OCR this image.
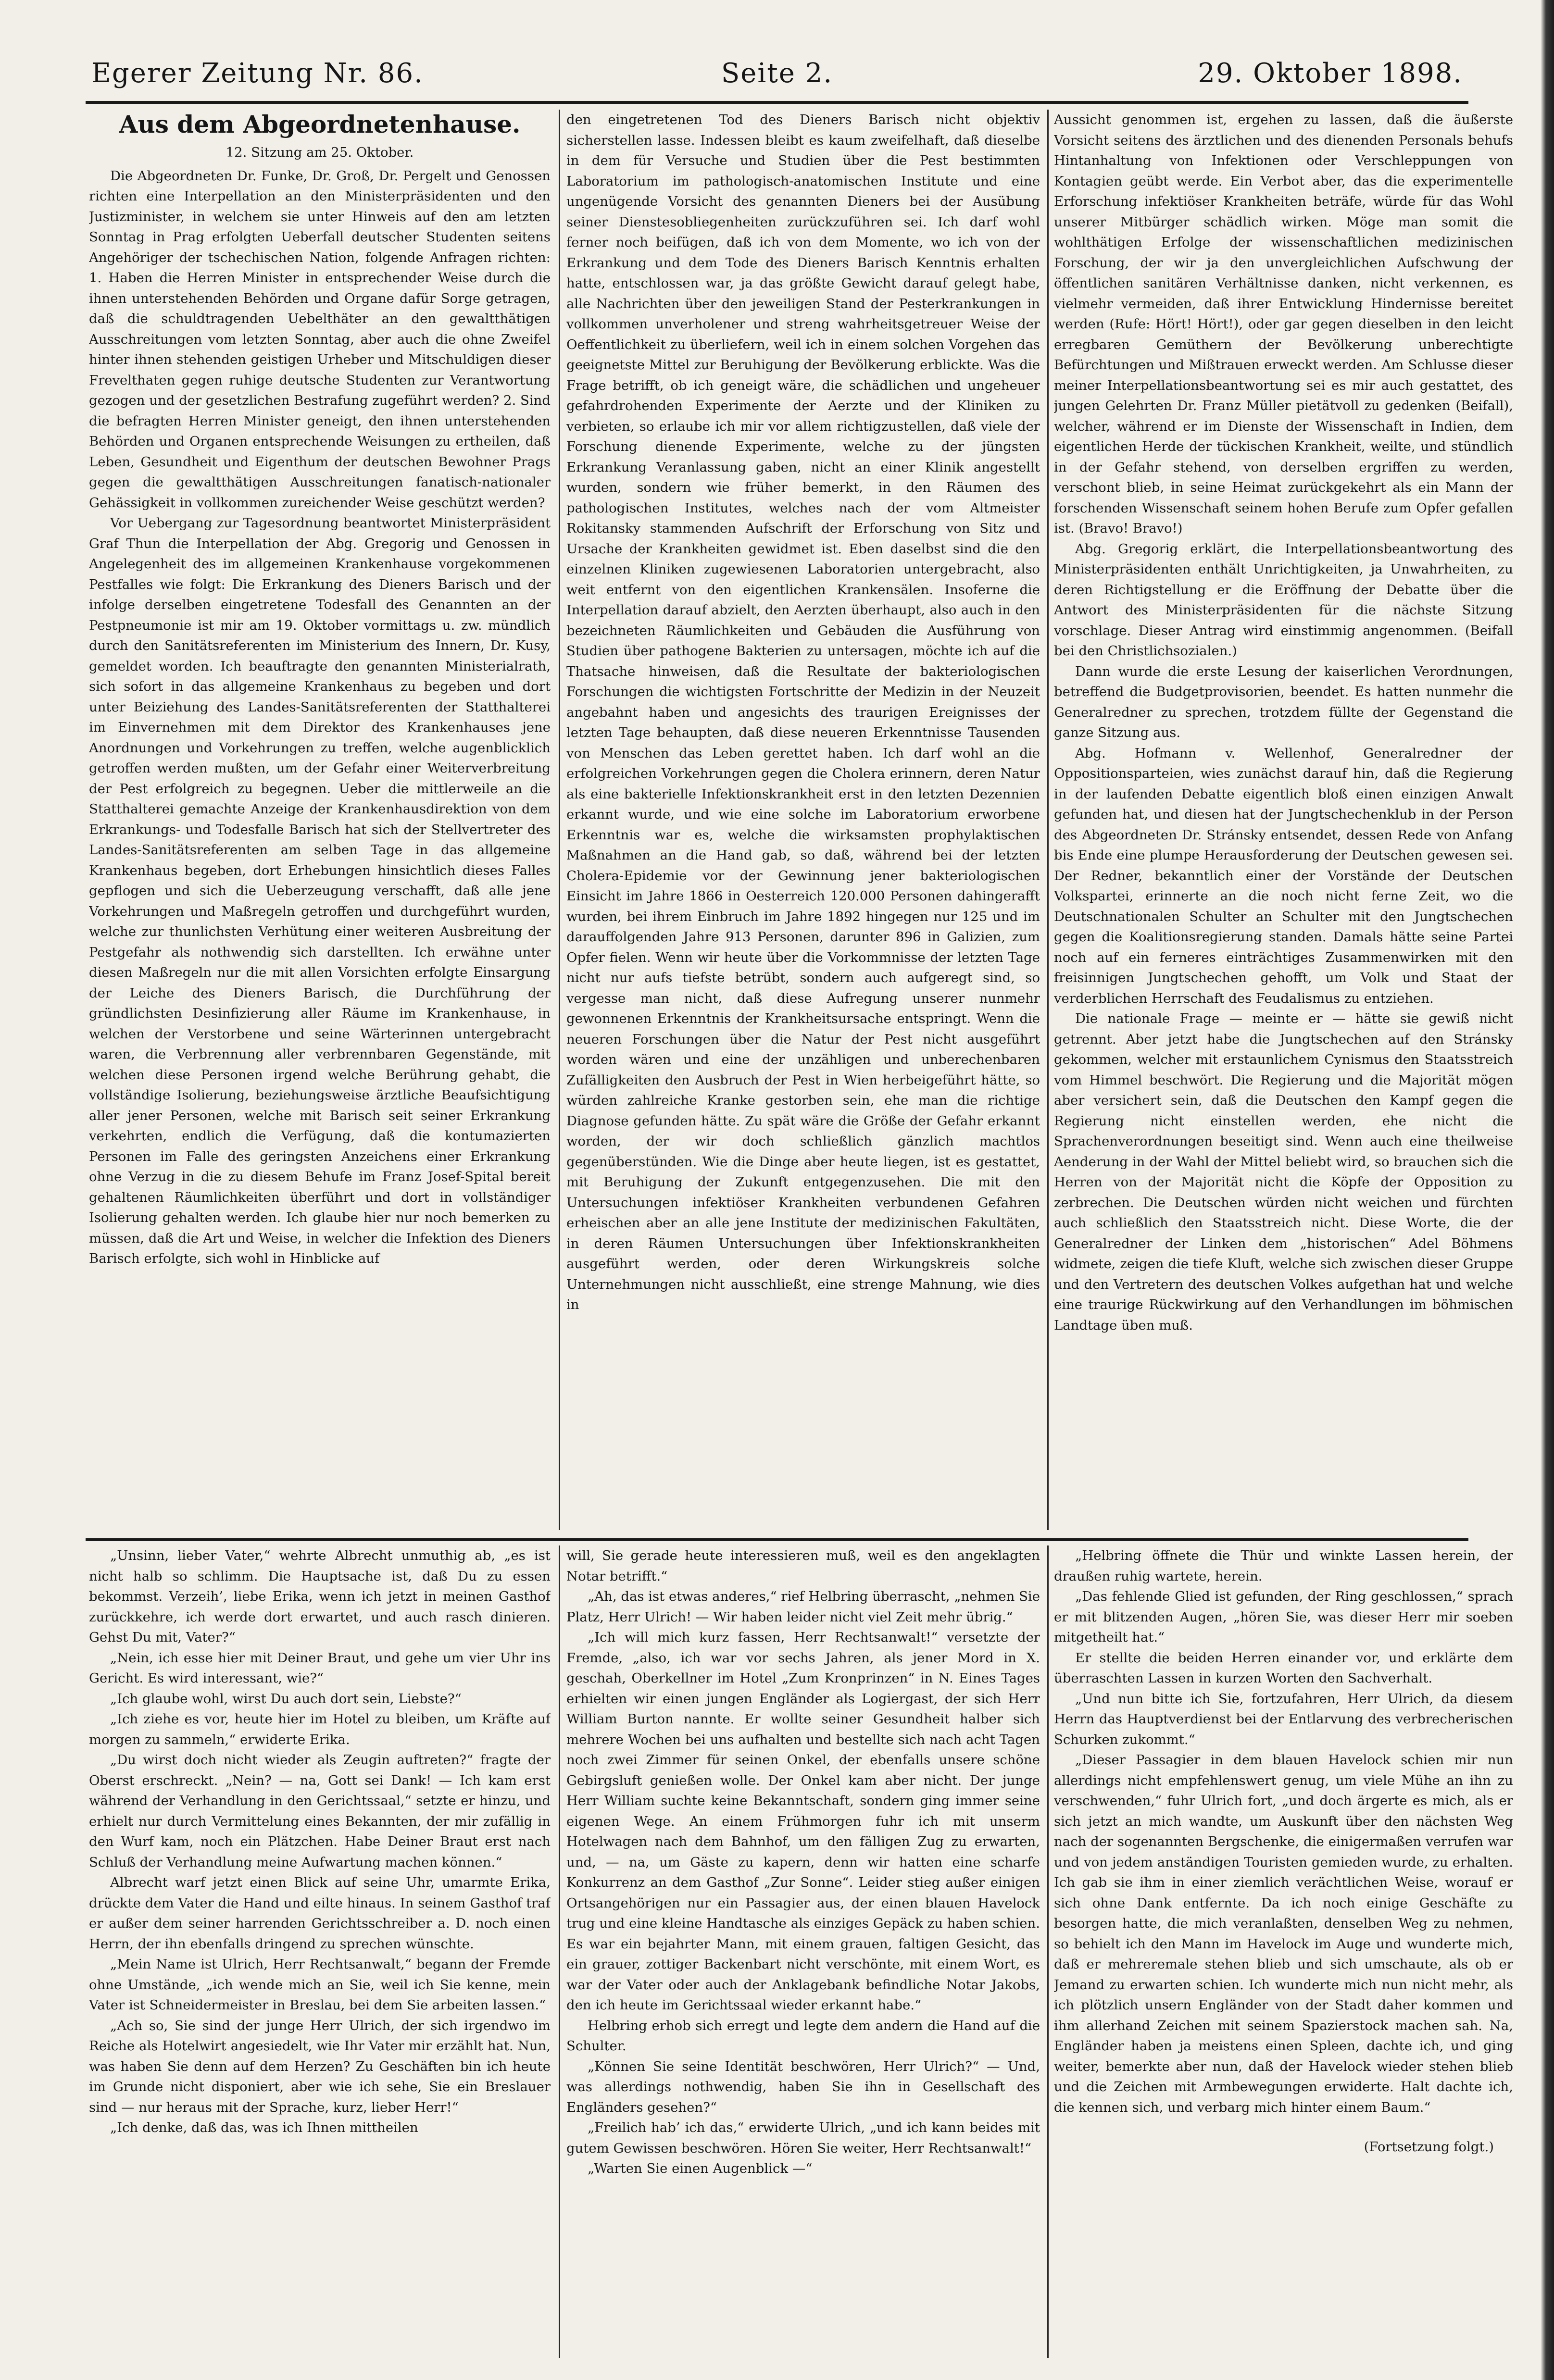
Egerer Zeitung Nr. 86.	Seite 2.	29. Oktober 1898.
Aus dem Abgeordnetenhause.

12. Sitzung am 25. Oktober.

Die Abgeordneten Dr. Funke, Dr. Groß, Dr. Pergelt und Genossen richten eine Interpellation an den Ministerpräsidenten und den Justizminister, in welchem sie unter Hinweis auf den am letzten Sonntag in Prag erfolgten Ueberfall deutscher Studenten seitens Angehöriger der tschechischen Nation, folgende Anfragen richten: 1. Haben die Herren Minister in entsprechender Weise durch die ihnen unterstehenden Behörden und Organe dafür Sorge getragen, daß die schuldtragenden Uebelthäter an den gewaltthätigen Ausschreitungen vom letzten Sonntag, aber auch die ohne Zweifel hinter ihnen stehenden geistigen Urheber und Mitschuldigen dieser Frevelthaten gegen ruhige deutsche Studenten zur Verantwortung gezogen und der gesetzlichen Bestrafung zugeführt werden? 2. Sind die befragten Herren Minister geneigt, den ihnen unterstehenden Behörden und Organen entsprechende Weisungen zu ertheilen, daß Leben, Gesundheit und Eigenthum der deutschen Bewohner Prags gegen die gewaltthätigen Ausschreitungen fanatisch-nationaler Gehässigkeit in vollkommen zureichender Weise geschützt werden?

Vor Uebergang zur Tagesordnung beantwortet Ministerpräsident Graf Thun die Interpellation der Abg. Gregorig und Genossen in Angelegenheit des im allgemeinen Krankenhause vorgekommenen Pestfalles wie folgt: Die Erkrankung des Dieners Barisch und der infolge derselben eingetretene Todesfall des Genannten an der Pestpneumonie ist mir am 19. Oktober vormittags u. zw. mündlich durch den Sanitätsreferenten im Ministerium des Innern, Dr. Kusy, gemeldet worden. Ich beauftragte den genannten Ministerialrath, sich sofort in das allgemeine Krankenhaus zu begeben und dort unter Beiziehung des Landes-Sanitätsreferenten der Statthalterei im Einvernehmen mit dem Direktor des Krankenhauses jene Anordnungen und Vorkehrungen zu treffen, welche augenblicklich getroffen werden mußten, um der Gefahr einer Weiterverbreitung der Pest erfolgreich zu begegnen. Ueber die mittlerweile an die Statthalterei gemachte Anzeige der Krankenhausdirektion von dem Erkrankungs- und Todesfalle Barisch hat sich der Stellvertreter des Landes-Sanitätsreferenten am selben Tage in das allgemeine Krankenhaus begeben, dort Erhebungen hinsichtlich dieses Falles gepflogen und sich die Ueberzeugung verschafft, daß alle jene Vorkehrungen und Maßregeln getroffen und durchgeführt wurden, welche zur thunlichsten Verhütung einer weiteren Ausbreitung der Pestgefahr als nothwendig sich darstellten. Ich erwähne unter diesen Maßregeln nur die mit allen Vorsichten erfolgte Einsargung der Leiche des Dieners Barisch, die Durchführung der gründlichsten Desinfizierung aller Räume im Krankenhause, in welchen der Verstorbene und seine Wärterinnen untergebracht waren, die Verbrennung aller verbrennbaren Gegenstände, mit welchen diese Personen irgend welche Berührung gehabt, die vollständige Isolierung, beziehungsweise ärztliche Beaufsichtigung aller jener Personen, welche mit Barisch seit seiner Erkrankung verkehrten, endlich die Verfügung, daß die kontumazierten Personen im Falle des geringsten Anzeichens einer Erkrankung ohne Verzug in die zu diesem Behufe im Franz Josef-Spital bereit gehaltenen Räumlichkeiten überführt und dort in vollständiger Isolierung gehalten werden. Ich glaube hier nur noch bemerken zu müssen, daß die Art und Weise, in welcher die Infektion des Dieners Barisch erfolgte, sich wohl in Hinblicke auf

den eingetretenen Tod des Dieners Barisch nicht objektiv sicherstellen lasse. Indessen bleibt es kaum zweifelhaft, daß dieselbe in dem für Versuche und Studien über die Pest bestimmten Laboratorium im pathologisch-anatomischen Institute und eine ungenügende Vorsicht des genannten Dieners bei der Ausübung seiner Dienstesobliegenheiten zurückzuführen sei. Ich darf wohl ferner noch beifügen, daß ich von dem Momente, wo ich von der Erkrankung und dem Tode des Dieners Barisch Kenntnis erhalten hatte, entschlossen war, ja das größte Gewicht darauf gelegt habe, alle Nachrichten über den jeweiligen Stand der Pesterkrankungen in vollkommen unverholener und streng wahrheitsgetreuer Weise der Oeffentlichkeit zu überliefern, weil ich in einem solchen Vorgehen das geeignetste Mittel zur Beruhigung der Bevölkerung erblickte. Was die Frage betrifft, ob ich geneigt wäre, die schädlichen und ungeheuer gefahrdrohenden Experimente der Aerzte und der Kliniken zu verbieten, so erlaube ich mir vor allem richtigzustellen, daß viele der Forschung dienende Experimente, welche zu der jüngsten Erkrankung Veranlassung gaben, nicht an einer Klinik angestellt wurden, sondern wie früher bemerkt, in den Räumen des pathologischen Institutes, welches nach der vom Altmeister Rokitansky stammenden Aufschrift der Erforschung von Sitz und Ursache der Krankheiten gewidmet ist. Eben daselbst sind die den einzelnen Kliniken zugewiesenen Laboratorien untergebracht, also weit entfernt von den eigentlichen Krankensälen. Insoferne die Interpellation darauf abzielt, den Aerzten überhaupt, also auch in den bezeichneten Räumlichkeiten und Gebäuden die Ausführung von Studien über pathogene Bakterien zu untersagen, möchte ich auf die Thatsache hinweisen, daß die Resultate der bakteriologischen Forschungen die wichtigsten Fortschritte der Medizin in der Neuzeit angebahnt haben und angesichts des traurigen Ereignisses der letzten Tage behaupten, daß diese neueren Erkenntnisse Tausenden von Menschen das Leben gerettet haben. Ich darf wohl an die erfolgreichen Vorkehrungen gegen die Cholera erinnern, deren Natur als eine bakterielle Infektionskrankheit erst in den letzten Dezennien erkannt wurde, und wie eine solche im Laboratorium erworbene Erkenntnis war es, welche die wirksamsten prophylaktischen Maßnahmen an die Hand gab, so daß, während bei der letzten Cholera-Epidemie vor der Gewinnung jener bakteriologischen Einsicht im Jahre 1866 in Oesterreich 120.000 Personen dahingerafft wurden, bei ihrem Einbruch im Jahre 1892 hingegen nur 125 und im darauffolgenden Jahre 913 Personen, darunter 896 in Galizien, zum Opfer fielen. Wenn wir heute über die Vorkommnisse der letzten Tage nicht nur aufs tiefste betrübt, sondern auch aufgeregt sind, so vergesse man nicht, daß diese Aufregung unserer nunmehr gewonnenen Erkenntnis der Krankheitsursache entspringt. Wenn die neueren Forschungen über die Natur der Pest nicht ausgeführt worden wären und eine der unzähligen und unberechenbaren Zufälligkeiten den Ausbruch der Pest in Wien herbeigeführt hätte, so würden zahlreiche Kranke gestorben sein, ehe man die richtige Diagnose gefunden hätte. Zu spät wäre die Größe der Gefahr erkannt worden, der wir doch schließlich gänzlich machtlos gegenüberstünden. Wie die Dinge aber heute liegen, ist es gestattet, mit Beruhigung der Zukunft entgegenzusehen. Die mit den Untersuchungen infektiöser Krankheiten verbundenen Gefahren erheischen aber an alle jene Institute der medizinischen Fakultäten, in deren Räumen Untersuchungen über Infektionskrankheiten ausgeführt werden, oder deren Wirkungskreis solche Unternehmungen nicht ausschließt, eine strenge Mahnung, wie dies in

Aussicht genommen ist, ergehen zu lassen, daß die äußerste Vorsicht seitens des ärztlichen und des dienenden Personals behufs Hintanhaltung von Infektionen oder Verschleppungen von Kontagien geübt werde. Ein Verbot aber, das die experimentelle Erforschung infektiöser Krankheiten beträfe, würde für das Wohl unserer Mitbürger schädlich wirken. Möge man somit die wohlthätigen Erfolge der wissenschaftlichen medizinischen Forschung, der wir ja den unvergleichlichen Aufschwung der öffentlichen sanitären Verhältnisse danken, nicht verkennen, es vielmehr vermeiden, daß ihrer Entwicklung Hindernisse bereitet werden (Rufe: Hört! Hört!), oder gar gegen dieselben in den leicht erregbaren Gemüthern der Bevölkerung unberechtigte Befürchtungen und Mißtrauen erweckt werden. Am Schlusse dieser meiner Interpellationsbeantwortung sei es mir auch gestattet, des jungen Gelehrten Dr. Franz Müller pietätvoll zu gedenken (Beifall), welcher, während er im Dienste der Wissenschaft in Indien, dem eigentlichen Herde der tückischen Krankheit, weilte, und stündlich in der Gefahr stehend, von derselben ergriffen zu werden, verschont blieb, in seine Heimat zurückgekehrt als ein Mann der forschenden Wissenschaft seinem hohen Berufe zum Opfer gefallen ist. (Bravo! Bravo!)

Abg. Gregorig erklärt, die Interpellationsbeantwortung des Ministerpräsidenten enthält Unrichtigkeiten, ja Unwahrheiten, zu deren Richtigstellung er die Eröffnung der Debatte über die Antwort des Ministerpräsidenten für die nächste Sitzung vorschlage. Dieser Antrag wird einstimmig angenommen. (Beifall bei den Christlichsozialen.)

Dann wurde die erste Lesung der kaiserlichen Verordnungen, betreffend die Budgetprovisorien, beendet. Es hatten nunmehr die Generalredner zu sprechen, trotzdem füllte der Gegenstand die ganze Sitzung aus.

Abg. Hofmann v. Wellenhof, Generalredner der Oppositionsparteien, wies zunächst darauf hin, daß die Regierung in der laufenden Debatte eigentlich bloß einen einzigen Anwalt gefunden hat, und diesen hat der Jungtschechenklub in der Person des Abgeordneten Dr. Stránsky entsendet, dessen Rede von Anfang bis Ende eine plumpe Herausforderung der Deutschen gewesen sei. Der Redner, bekanntlich einer der Vorstände der Deutschen Volkspartei, erinnerte an die noch nicht ferne Zeit, wo die Deutschnationalen Schulter an Schulter mit den Jungtschechen gegen die Koalitionsregierung standen. Damals hätte seine Partei noch auf ein ferneres einträchtiges Zusammenwirken mit den freisinnigen Jungtschechen gehofft, um Volk und Staat der verderblichen Herrschaft des Feudalismus zu entziehen.

Die nationale Frage — meinte er — hätte sie gewiß nicht getrennt. Aber jetzt habe die Jungtschechen auf den Stránsky gekommen, welcher mit erstaunlichem Cynismus den Staatsstreich vom Himmel beschwört. Die Regierung und die Majorität mögen aber versichert sein, daß die Deutschen den Kampf gegen die Regierung nicht einstellen werden, ehe nicht die Sprachenverordnungen beseitigt sind. Wenn auch eine theilweise Aenderung in der Wahl der Mittel beliebt wird, so brauchen sich die Herren von der Majorität nicht die Köpfe der Opposition zu zerbrechen. Die Deutschen würden nicht weichen und fürchten auch schließlich den Staatsstreich nicht. Diese Worte, die der Generalredner der Linken dem „historischen“ Adel Böhmens widmete, zeigen die tiefe Kluft, welche sich zwischen dieser Gruppe und den Vertretern des deutschen Volkes aufgethan hat und welche eine traurige Rückwirkung auf den Verhandlungen im böhmischen Landtage üben muß.

„Unsinn, lieber Vater,“ wehrte Albrecht unmuthig ab, „es ist nicht halb so schlimm. Die Hauptsache ist, daß Du zu essen bekommst. Verzeih’, liebe Erika, wenn ich jetzt in meinen Gasthof zurückkehre, ich werde dort erwartet, und auch rasch dinieren. Gehst Du mit, Vater?“

„Nein, ich esse hier mit Deiner Braut, und gehe um vier Uhr ins Gericht. Es wird interessant, wie?“

„Ich glaube wohl, wirst Du auch dort sein, Liebste?“

„Ich ziehe es vor, heute hier im Hotel zu bleiben, um Kräfte auf morgen zu sammeln,“ erwiderte Erika.

„Du wirst doch nicht wieder als Zeugin auftreten?“ fragte der Oberst erschreckt. „Nein? — na, Gott sei Dank! — Ich kam erst während der Verhandlung in den Gerichtssaal,“ setzte er hinzu, und erhielt nur durch Vermittelung eines Bekannten, der mir zufällig in den Wurf kam, noch ein Plätzchen. Habe Deiner Braut erst nach Schluß der Verhandlung meine Aufwartung machen können.“

Albrecht warf jetzt einen Blick auf seine Uhr, umarmte Erika, drückte dem Vater die Hand und eilte hinaus. In seinem Gasthof traf er außer dem seiner harrenden Gerichtsschreiber a. D. noch einen Herrn, der ihn ebenfalls dringend zu sprechen wünschte.

„Mein Name ist Ulrich, Herr Rechtsanwalt,“ begann der Fremde ohne Umstände, „ich wende mich an Sie, weil ich Sie kenne, mein Vater ist Schneidermeister in Breslau, bei dem Sie arbeiten lassen.“

„Ach so, Sie sind der junge Herr Ulrich, der sich irgendwo im Reiche als Hotelwirt angesiedelt, wie Ihr Vater mir erzählt hat. Nun, was haben Sie denn auf dem Herzen? Zu Geschäften bin ich heute im Grunde nicht disponiert, aber wie ich sehe, Sie ein Breslauer sind — nur heraus mit der Sprache, kurz, lieber Herr!“

„Ich denke, daß das, was ich Ihnen mittheilen

will, Sie gerade heute interessieren muß, weil es den angeklagten Notar betrifft.“

„Ah, das ist etwas anderes,“ rief Helbring überrascht, „nehmen Sie Platz, Herr Ulrich! — Wir haben leider nicht viel Zeit mehr übrig.“

„Ich will mich kurz fassen, Herr Rechtsanwalt!“ versetzte der Fremde, „also, ich war vor sechs Jahren, als jener Mord in X. geschah, Oberkellner im Hotel „Zum Kronprinzen“ in N. Eines Tages erhielten wir einen jungen Engländer als Logiergast, der sich Herr William Burton nannte. Er wollte seiner Gesundheit halber sich mehrere Wochen bei uns aufhalten und bestellte sich nach acht Tagen noch zwei Zimmer für seinen Onkel, der ebenfalls unsere schöne Gebirgsluft genießen wolle. Der Onkel kam aber nicht. Der junge Herr William suchte keine Bekanntschaft, sondern ging immer seine eigenen Wege. An einem Frühmorgen fuhr ich mit unserm Hotelwagen nach dem Bahnhof, um den fälligen Zug zu erwarten, und, — na, um Gäste zu kapern, denn wir hatten eine scharfe Konkurrenz an dem Gasthof „Zur Sonne“. Leider stieg außer einigen Ortsangehörigen nur ein Passagier aus, der einen blauen Havelock trug und eine kleine Handtasche als einziges Gepäck zu haben schien. Es war ein bejahrter Mann, mit einem grauen, faltigen Gesicht, das ein grauer, zottiger Backenbart nicht verschönte, mit einem Wort, es war der Vater oder auch der Anklagebank befindliche Notar Jakobs, den ich heute im Gerichtssaal wieder erkannt habe.“

Helbring erhob sich erregt und legte dem andern die Hand auf die Schulter.

„Können Sie seine Identität beschwören, Herr Ulrich?“ — Und, was allerdings nothwendig, haben Sie ihn in Gesellschaft des Engländers gesehen?“

„Freilich hab’ ich das,“ erwiderte Ulrich, „und ich kann beides mit gutem Gewissen beschwören. Hören Sie weiter, Herr Rechtsanwalt!“

„Warten Sie einen Augenblick —“

„Helbring öffnete die Thür und winkte Lassen herein, der draußen ruhig wartete, herein.

„Das fehlende Glied ist gefunden, der Ring geschlossen,“ sprach er mit blitzenden Augen, „hören Sie, was dieser Herr mir soeben mitgetheilt hat.“

Er stellte die beiden Herren einander vor, und erklärte dem überraschten Lassen in kurzen Worten den Sachverhalt.

„Und nun bitte ich Sie, fortzufahren, Herr Ulrich, da diesem Herrn das Hauptverdienst bei der Entlarvung des verbrecherischen Schurken zukommt.“

„Dieser Passagier in dem blauen Havelock schien mir nun allerdings nicht empfehlenswert genug, um viele Mühe an ihn zu verschwenden,“ fuhr Ulrich fort, „und doch ärgerte es mich, als er sich jetzt an mich wandte, um Auskunft über den nächsten Weg nach der sogenannten Bergschenke, die einigermaßen verrufen war und von jedem anständigen Touristen gemieden wurde, zu erhalten. Ich gab sie ihm in einer ziemlich verächtlichen Weise, worauf er sich ohne Dank entfernte. Da ich noch einige Geschäfte zu besorgen hatte, die mich veranlaßten, denselben Weg zu nehmen, so behielt ich den Mann im Havelock im Auge und wunderte mich, daß er mehreremale stehen blieb und sich umschaute, als ob er Jemand zu erwarten schien. Ich wunderte mich nun nicht mehr, als ich plötzlich unsern Engländer von der Stadt daher kommen und ihm allerhand Zeichen mit seinem Spazierstock machen sah. Na, Engländer haben ja meistens einen Spleen, dachte ich, und ging weiter, bemerkte aber nun, daß der Havelock wieder stehen blieb und die Zeichen mit Armbewegungen erwiderte. Halt dachte ich, die kennen sich, und verbarg mich hinter einem Baum.“

(Fortsetzung folgt.)
